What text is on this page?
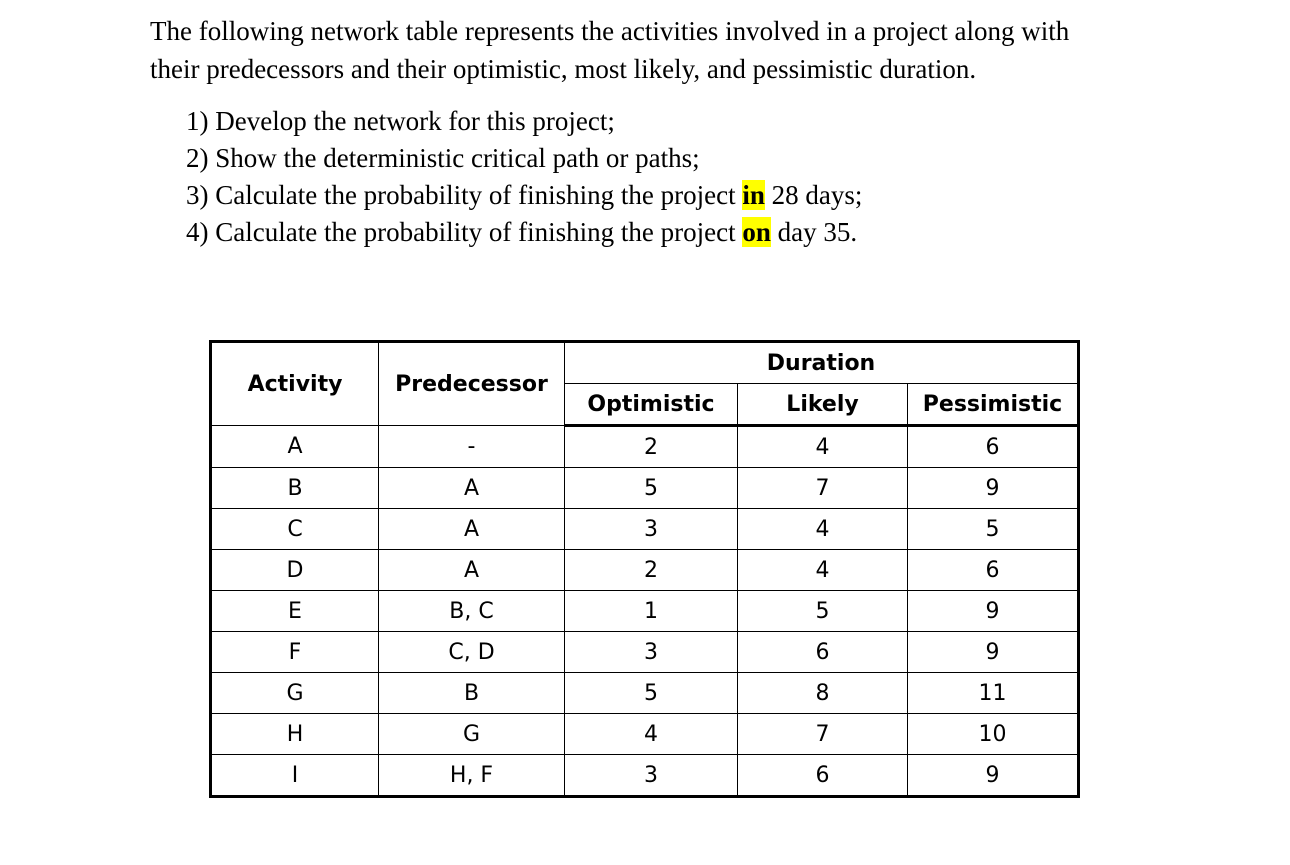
The following network table represents the activities involved in a project along with
their predecessors and their optimistic, most likely, and pessimistic duration.

1) Develop the network for this project;
2) Show the deterministic critical path or paths;
3) Calculate the probability of finishing the project in 28 days;
4) Calculate the probability of finishing the project on day 35.
Activity	Predecessor	Duration		
		Optimistic	Likely	Pessimistic
A	-	2	4	6
B	A	5	7	9
C	A	3	4	5
D	A	2	4	6
E	B, C	1	5	9
F	C, D	3	6	9
G	B	5	8	11
H	G	4	7	10
I	H, F	3	6	9
